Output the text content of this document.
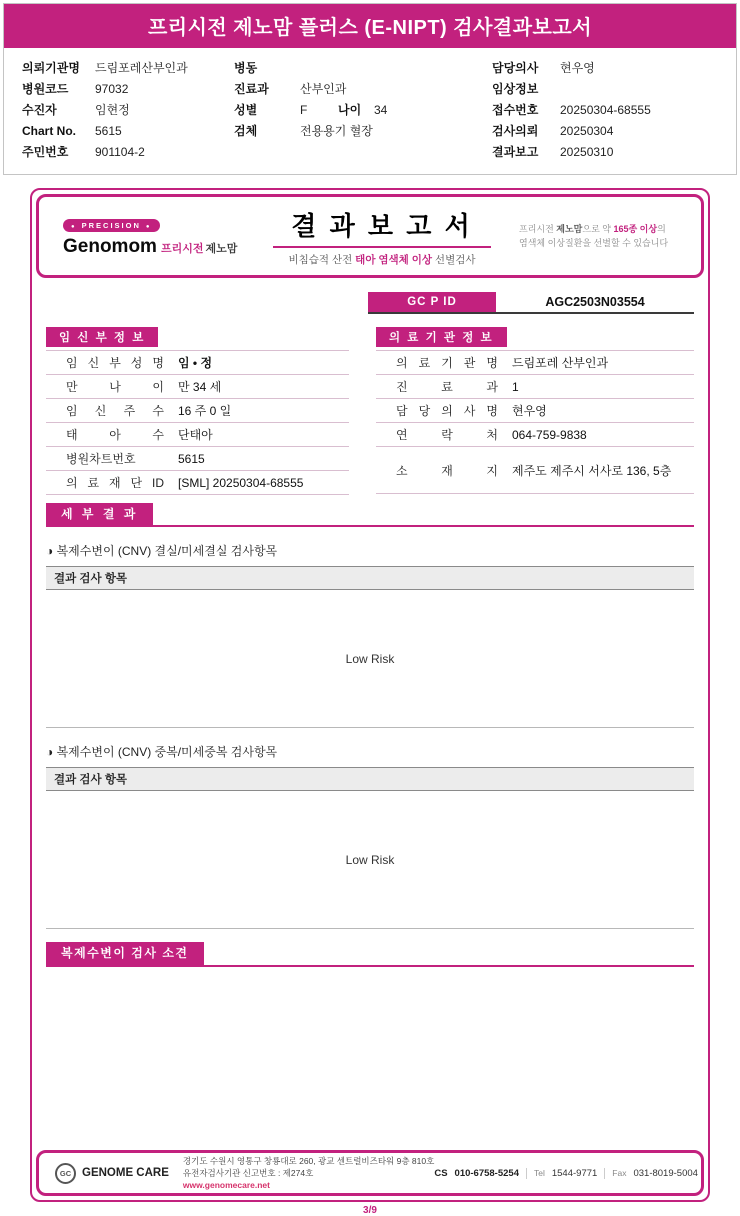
프리시전 제노맘 플러스 (E-NIPT) 검사결과보고서
의뢰기관명	드림포레산부인과
병원코드	97032
수진자	임현정
Chart No.	5615
주민번호	901104-2
병동
진료과	산부인과
성별	F	나이	34
검체	전용용기 혈장
담당의사	현우영
임상정보
접수번호	20250304-68555
검사의뢰	20250304
결과보고	20250310
● PRECISION ●
Genomom 프리시전 제노맘
결 과 보 고 서
비침습적 산전 태아 염색체 이상 선별검사
프리시전 제노맘으로 약 165종 이상의
염색체 이상질환을 선별할 수 있습니다
GC P ID	AGC2503N03554
임 신 부 정 보
임 신 부 성 명	임 • 정
만 나 이	만 34 세
임 신 주 수	16 주 0 일
태 아 수	단태아
병원차트번호	5615
의 료 재 단 ID	[SML] 20250304-68555
의 료 기 관 정 보
의 료 기 관 명	드림포레 산부인과
진 료 과	1
담 당 의 사 명	현우영
연 락 처	064-759-9838
소 재 지	제주도 제주시 서사로 136, 5층
세 부 결 과
◑ 복제수변이 (CNV) 결실/미세결실 검사항목
결과 검사 항목
Low Risk
◑ 복제수변이 (CNV) 중복/미세중복 검사항목
결과 검사 항목
Low Risk
복제수변이 검사 소견
GC GENOME CARE
경기도 수원시 영통구 창룡대로 260, 광교 센트럴비즈타워 9층 810호
유전자검사기관 신고번호 : 제274호
www.genomecare.net
CS 010-6758-5254 Tel 1544-9771 Fax 031-8019-5004
3/9
